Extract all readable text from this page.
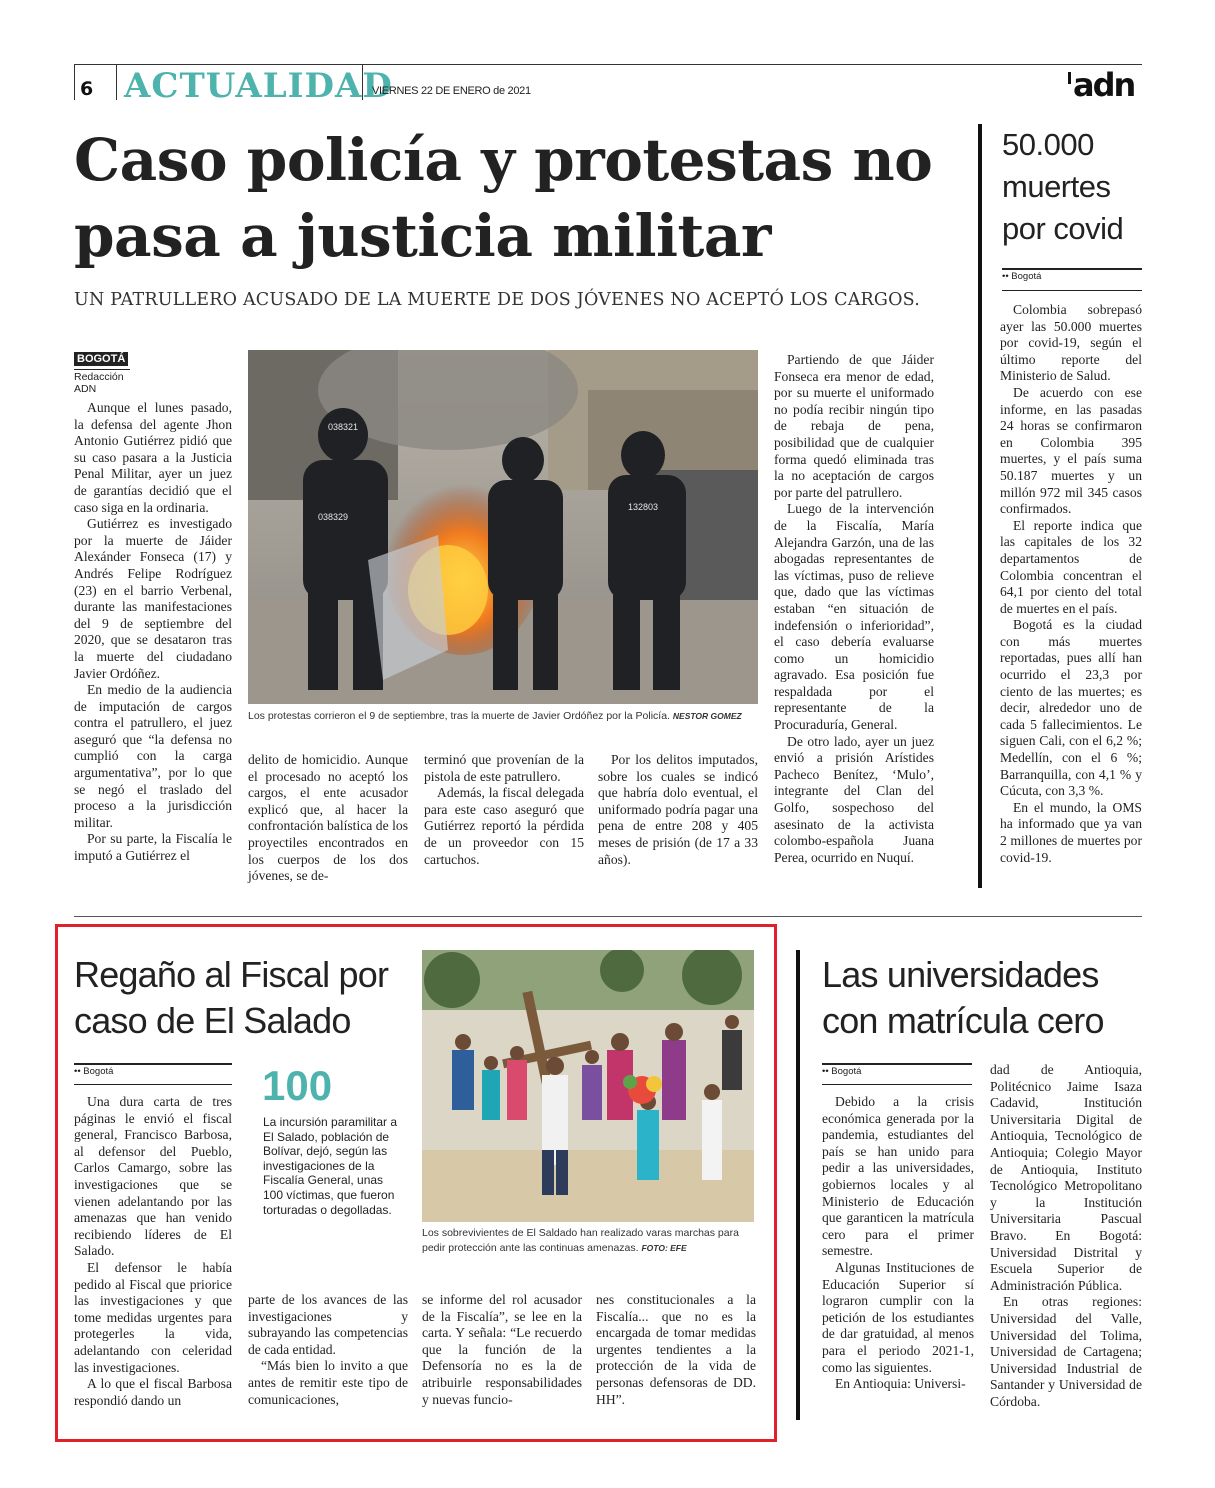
6 ACTUALIDAD
VIERNES 22 DE ENERO de 2021	adn
Caso policía y protestas no pasa a justicia militar
UN PATRULLERO ACUSADO DE LA MUERTE DE DOS JÓVENES NO ACEPTÓ LOS CARGOS.
BOGOTÁ
Redacción ADN

Aunque el lunes pasado, la defensa del agente Jhon Antonio Gutiérrez pidió que su caso pasara a la Justicia Penal Militar, ayer un juez de garantías decidió que el caso siga en la ordinaria.

Gutiérrez es investigado por la muerte de Jáider Alexánder Fonseca (17) y Andrés Felipe Rodríguez (23) en el barrio Verbenal, durante las manifestaciones del 9 de septiembre del 2020, que se desataron tras la muerte del ciudadano Javier Ordóñez.

En medio de la audiencia de imputación de cargos contra el patrullero, el juez aseguró que “la defensa no cumplió con la carga argumentativa”, por lo que se negó el traslado del proceso a la jurisdicción militar.

Por su parte, la Fiscalía le imputó a Gutiérrez el

038321
038329
132803
Los protestas corrieron el 9 de septiembre, tras la muerte de Javier Ordóñez por la Policía. NESTOR GOMEZ

delito de homicidio. Aunque el procesado no aceptó los cargos, el ente acusador explicó que, al hacer la confrontación balística de los proyectiles encontrados en los cuerpos de los dos jóvenes, se de-

terminó que provenían de la pistola de este patrullero.

Además, la fiscal delegada para este caso aseguró que Gutiérrez reportó la pérdida de un proveedor con 15 cartuchos.

Por los delitos imputados, sobre los cuales se indicó que habría dolo eventual, el uniformado podría pagar una pena de entre 208 y 405 meses de prisión (de 17 a 33 años).

Partiendo de que Jáider Fonseca era menor de edad, por su muerte el uniformado no podía recibir ningún tipo de rebaja de pena, posibilidad que de cualquier forma quedó eliminada tras la no aceptación de cargos por parte del patrullero.

Luego de la intervención de la Fiscalía, María Alejandra Garzón, una de las abogadas representantes de las víctimas, puso de relieve que, dado que las víctimas estaban “en situación de indefensión o inferioridad”, el caso debería evaluarse como un homicidio agravado. Esa posición fue respaldada por el representante de la Procuraduría, General.

De otro lado, ayer un juez envió a prisión Arístides Pacheco Benítez, ‘Mulo’, integrante del Clan del Golfo, sospechoso del asesinato de la activista colombo-española Juana Perea, ocurrido en Nuquí.

50.000 muertes por covid
•• Bogotá

Colombia sobrepasó ayer las 50.000 muertes por covid-19, según el último reporte del Ministerio de Salud.

De acuerdo con ese informe, en las pasadas 24 horas se confirmaron en Colombia 395 muertes, y el país suma 50.187 muertes y un millón 972 mil 345 casos confirmados.

El reporte indica que las capitales de los 32 departamentos de Colombia concentran el 64,1 por ciento del total de muertes en el país.

Bogotá es la ciudad con más muertes reportadas, pues allí han ocurrido el 23,3 por ciento de las muertes; es decir, alrededor uno de cada 5 fallecimientos. Le siguen Cali, con el 6,2 %; Medellín, con el 6 %; Barranquilla, con 4,1 % y Cúcuta, con 3,3 %.

En el mundo, la OMS ha informado que ya van 2 millones de muertes por covid-19.

Regaño al Fiscal por caso de El Salado
•• Bogotá

Una dura carta de tres páginas le envió el fiscal general, Francisco Barbosa, al defensor del Pueblo, Carlos Camargo, sobre las investigaciones que se vienen adelantando por las amenazas que han venido recibiendo líderes de El Salado.

El defensor le había pedido al Fiscal que priorice las investigaciones y que tome medidas urgentes para protegerles la vida, adelantando con celeridad las investigaciones.

A lo que el fiscal Barbosa respondió dando un

100
La incursión paramilitar a El Salado, población de Bolívar, dejó, según las investigaciones de la Fiscalía General, unas 100 víctimas, que fueron torturadas o degolladas.
Los sobrevivientes de El Saldado han realizado varas marchas para pedir protección ante las continuas amenazas. FOTO: EFE

parte de los avances de las investigaciones y subrayando las competencias de cada entidad.

“Más bien lo invito a que antes de remitir este tipo de comunicaciones,

se informe del rol acusador de la Fiscalía”, se lee en la carta. Y señala: “Le recuerdo que la función de la Defensoría no es la de atribuirle responsabilidades y nuevas funcio-

nes constitucionales a la Fiscalía... que no es la encargada de tomar medidas urgentes tendientes a la protección de la vida de personas defensoras de DD. HH”.

Las universidades con matrícula cero
•• Bogotá

Debido a la crisis económica generada por la pandemia, estudiantes del país se han unido para pedir a las universidades, gobiernos locales y al Ministerio de Educación que garanticen la matrícula cero para el primer semestre.

Algunas Instituciones de Educación Superior sí lograron cumplir con la petición de los estudiantes de dar gratuidad, al menos para el periodo 2021-1, como las siguientes.

En Antioquia: Universi-

dad de Antioquia, Politécnico Jaime Isaza Cadavid, Institución Universitaria Digital de Antioquia, Tecnológico de Antioquia; Colegio Mayor de Antioquia, Instituto Tecnológico Metropolitano y la Institución Universitaria Pascual Bravo. En Bogotá: Universidad Distrital y Escuela Superior de Administración Pública.

En otras regiones: Universidad del Valle, Universidad del Tolima, Universidad de Cartagena; Universidad Industrial de Santander y Universidad de Córdoba.
